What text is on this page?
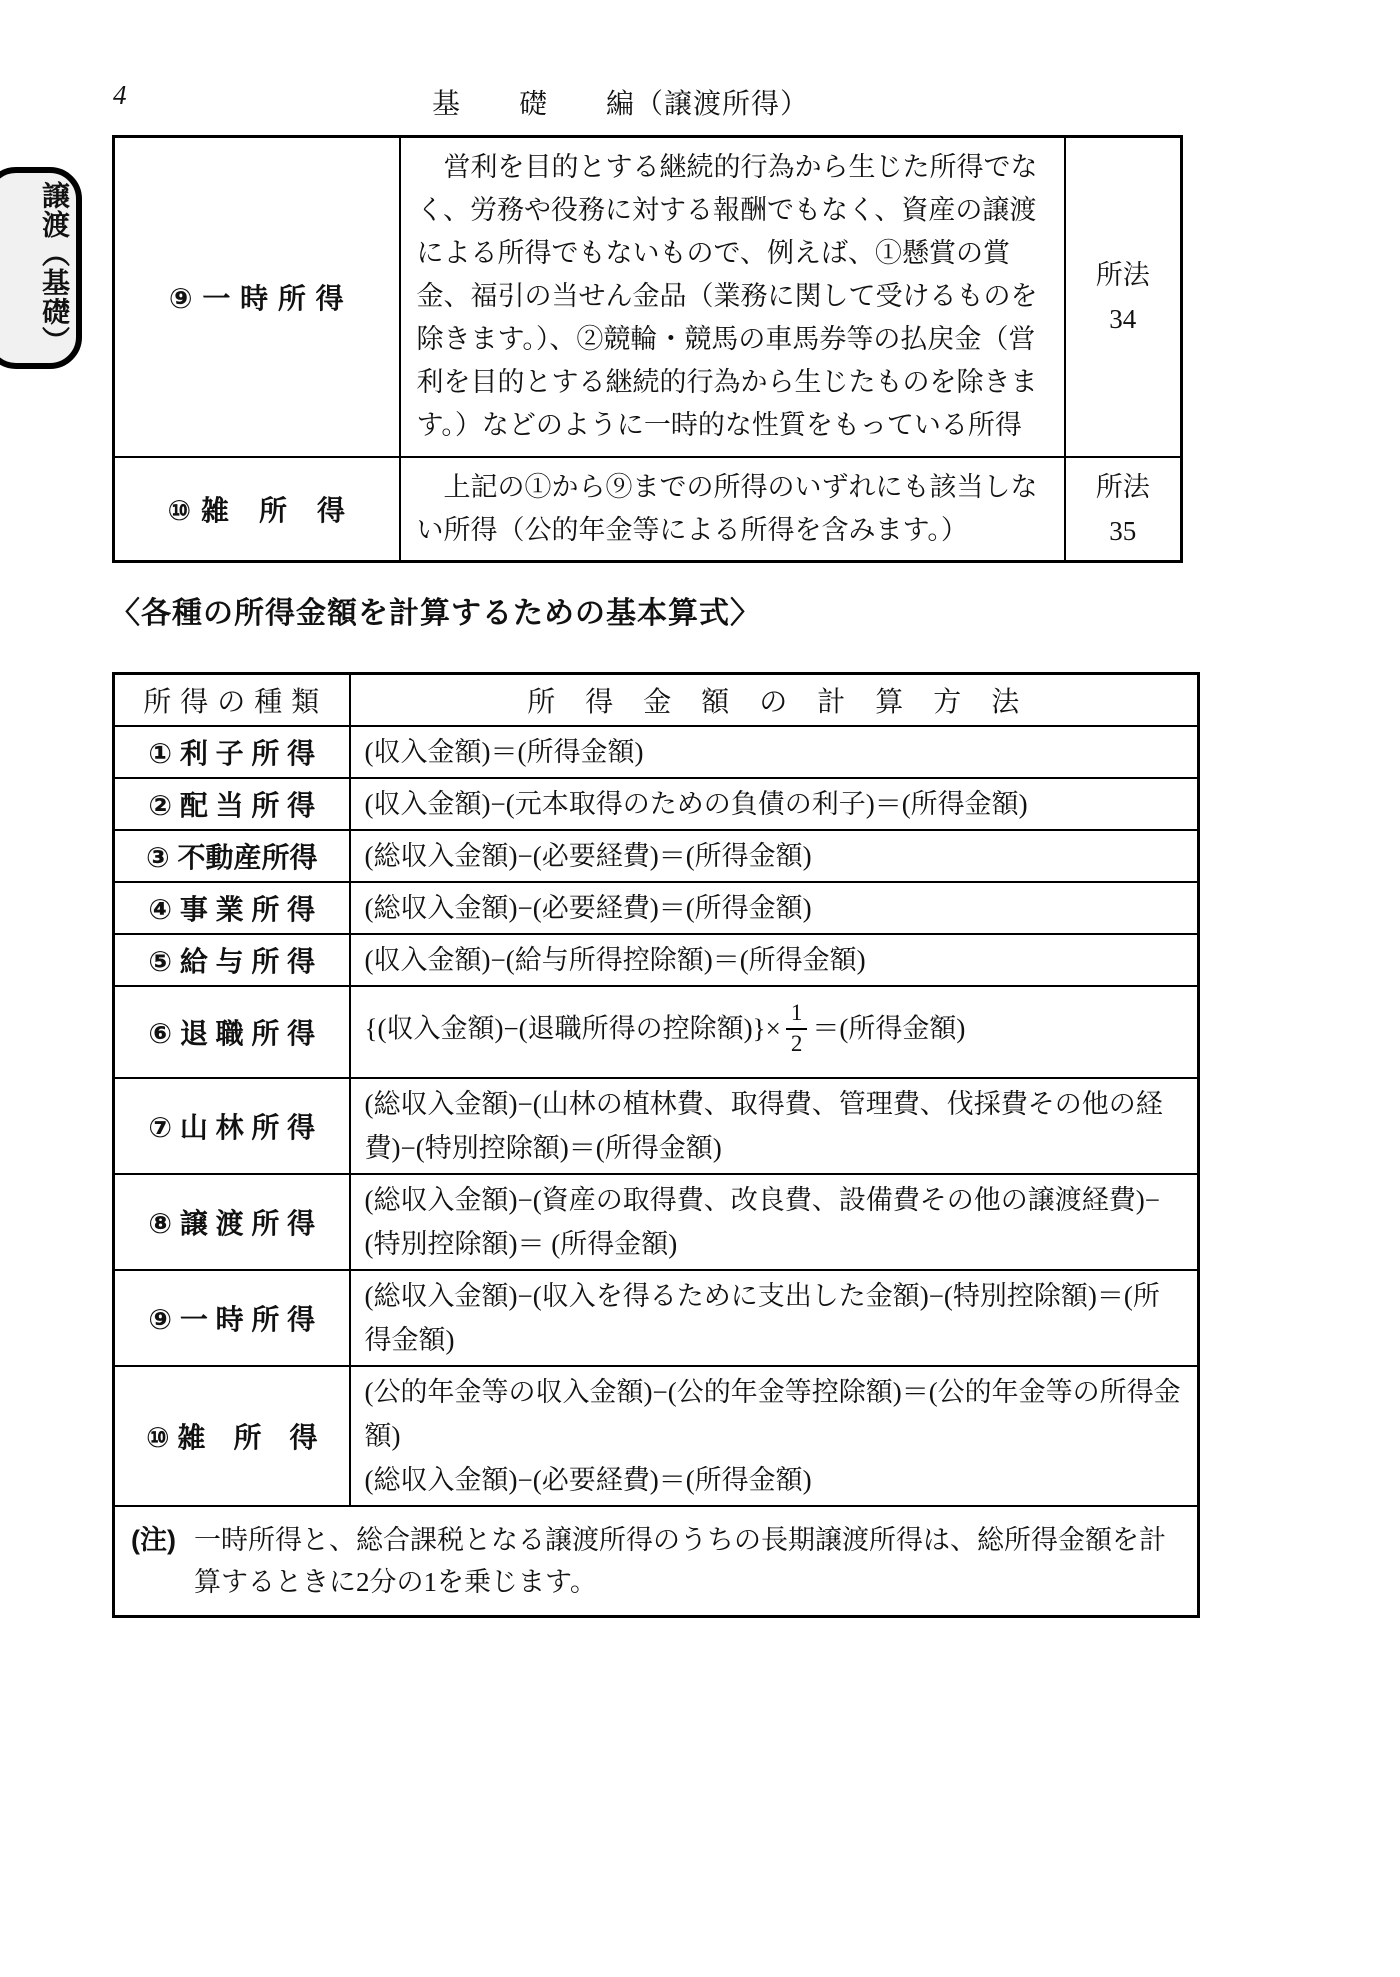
4	基　　礎　　編（譲渡所得）
譲渡（基礎）	⑨ 一 時 所 得	営利を目的とする継続的行為から生じた所得でなく、労務や役務に対する報酬でもなく、資産の譲渡による所得でもないもので、例えば、①懸賞の賞金、福引の当せん金品（業務に関して受けるものを除きます。）、②競輪・競馬の車馬券等の払戻金（営利を目的とする継続的行為から生じたものを除きます。）などのように一時的な性質をもっている所得	所法
34

⑩ 雑　所　得	上記の①から⑨までの所得のいずれにも該当しない所得（公的年金等による所得を含みます。）	所法
35
〈各種の所得金額を計算するための基本算式〉
所 得 の 種 類	所　得　金　額　の　計　算　方　法
① 利 子 所 得	(収入金額)＝(所得金額)
② 配 当 所 得	(収入金額)−(元本取得のための負債の利子)＝(所得金額)
③ 不動産所得	(総収入金額)−(必要経費)＝(所得金額)
④ 事 業 所 得	(総収入金額)−(必要経費)＝(所得金額)
⑤ 給 与 所 得	(収入金額)−(給与所得控除額)＝(所得金額)
⑥ 退 職 所 得	{(収入金額)−(退職所得の控除額)}× $\frac{1}{2}$ ＝(所得金額)
⑦ 山 林 所 得	(総収入金額)−(山林の植林費、取得費、管理費、伐採費その他の経費)−(特別控除額)＝(所得金額)
⑧ 譲 渡 所 得	(総収入金額)−(資産の取得費、改良費、設備費その他の譲渡経費)−(特別控除額)＝ (所得金額)
⑨ 一 時 所 得	(総収入金額)−(収入を得るために支出した金額)−(特別控除額)＝(所得金額)
⑩ 雑　所　得	(公的年金等の収入金額)−(公的年金等控除額)＝(公的年金等の所得金額)
(総収入金額)−(必要経費)＝(所得金額)

(注) 一時所得と、総合課税となる譲渡所得のうちの長期譲渡所得は、総所得金額を計算するときに2分の1を乗じます。	
